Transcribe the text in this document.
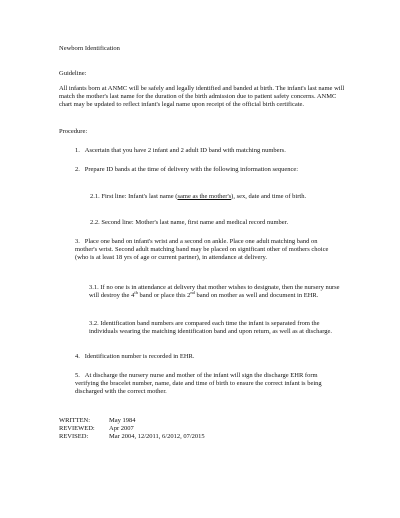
Newborn Identification

Guideline:

All infants born at ANMC will be safely and legally identified and banded at birth. The infant's last name will match the mother's last name for the duration of the birth admission due to patient safety concerns. ANMC chart may be updated to reflect infant's legal name upon receipt of the official birth certificate.

Procedure:

1. Ascertain that you have 2 infant and 2 adult ID band with matching numbers.

2. Prepare ID bands at the time of delivery with the following information sequence:

2.1. First line: Infant's last name (same as the mother's), sex, date and time of birth.

2.2. Second line: Mother's last name, first name and medical record number.

3. Place one band on infant's wrist and a second on ankle. Place one adult matching band on mother's wrist. Second adult matching band may be placed on significant other of mothers choice (who is at least 18 yrs of age or current partner), in attendance at delivery.

3.1. If no one is in attendance at delivery that mother wishes to designate, then the nursery nurse will destroy the 4th band or place this 2nd band on mother as well and document in EHR.

3.2. Identification band numbers are compared each time the infant is separated from the individuals wearing the matching identification band and upon return, as well as at discharge.

4. Identification number is recorded in EHR.

5. At discharge the nursery nurse and mother of the infant will sign the discharge EHR form verifying the bracelet number, name, date and time of birth to ensure the correct infant is being discharged with the correct mother.

WRITTEN:	May 1984
REVIEWED:	Apr 2007
REVISED:	Mar 2004, 12/2011, 6/2012, 07/2015
